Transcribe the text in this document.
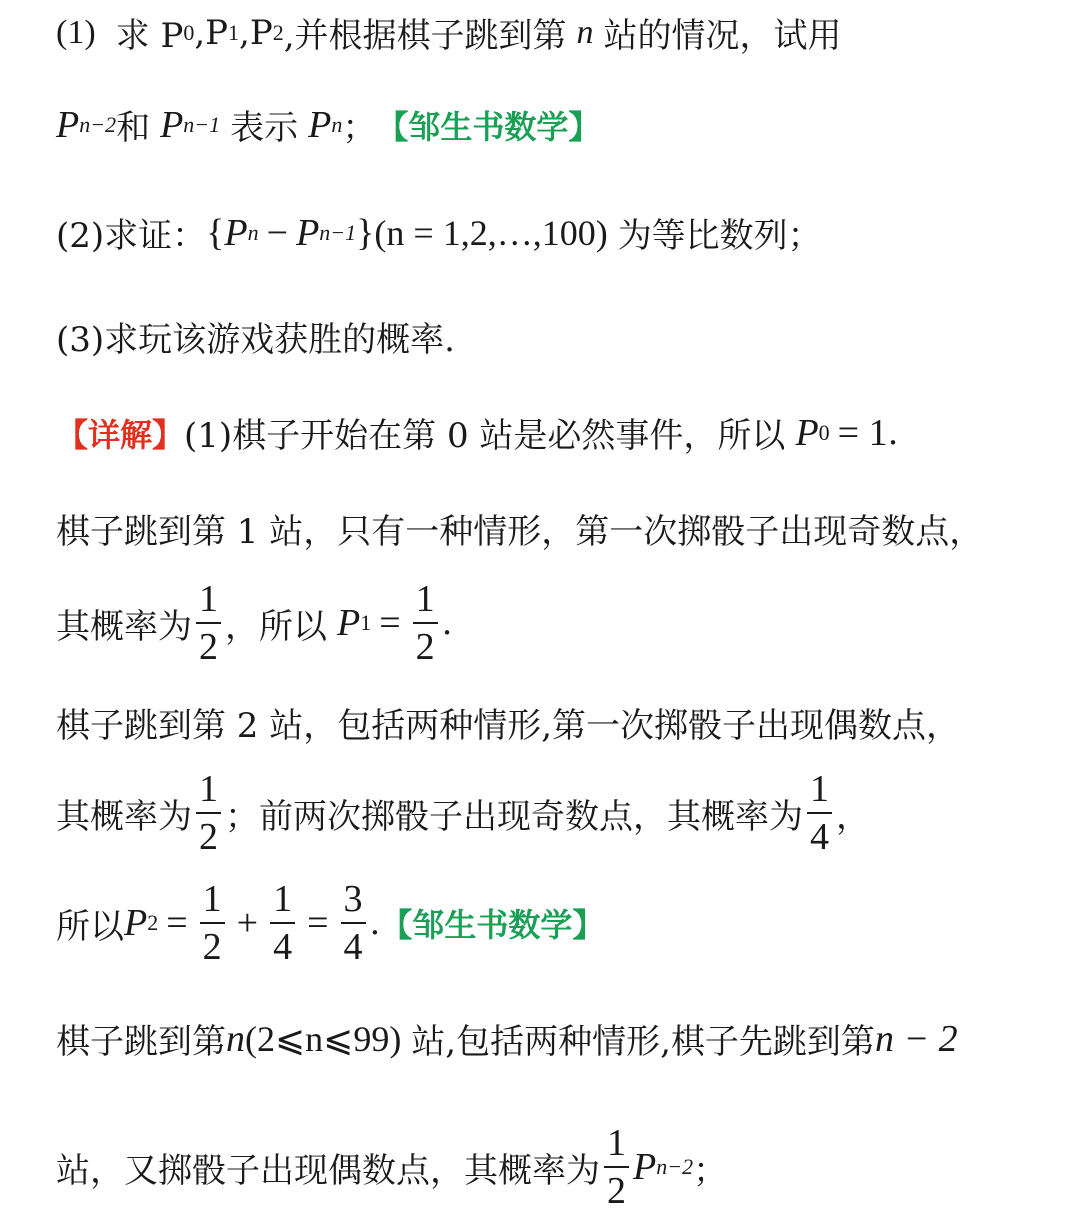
(1) 求 P 0 ,P 1 ,P 2 ,并根据棋子跳到第 n 站的情况，试用
P n−2 和 P n−1 表示 P n ； 【邹生书数学】
(2)求证： { P n − P n−1 } (n = 1,2,…,100) 为等比数列；
(3)求玩该游戏获胜的概率.
【详解】 (1)棋子开始在第 0 站是必然事件，所以 P 0 = 1 .
棋子跳到第 1 站，只有一种情形，第一次掷骰子出现奇数点，
其概率为 $\frac{1}{2}$ ，所以 P $1 = \frac{1}{2}$ .
棋子跳到第 2 站，包括两种情形,第一次掷骰子出现偶数点，
其概率为 $\frac{1}{2}$ ；前两次掷骰子出现奇数点，其概率为 $\frac{1}{4}$ ，
所以 P $2 = \frac{1}{2} + \frac{1}{4} = \frac{3}{4}$ . 【邹生书数学】
棋子跳到第 n (2⩽n⩽99) 站,包括两种情形,棋子先跳到第 n − 2
站，又掷骰子出现偶数点，其概率为 $\frac{1}{2}$ P n−2 ；
